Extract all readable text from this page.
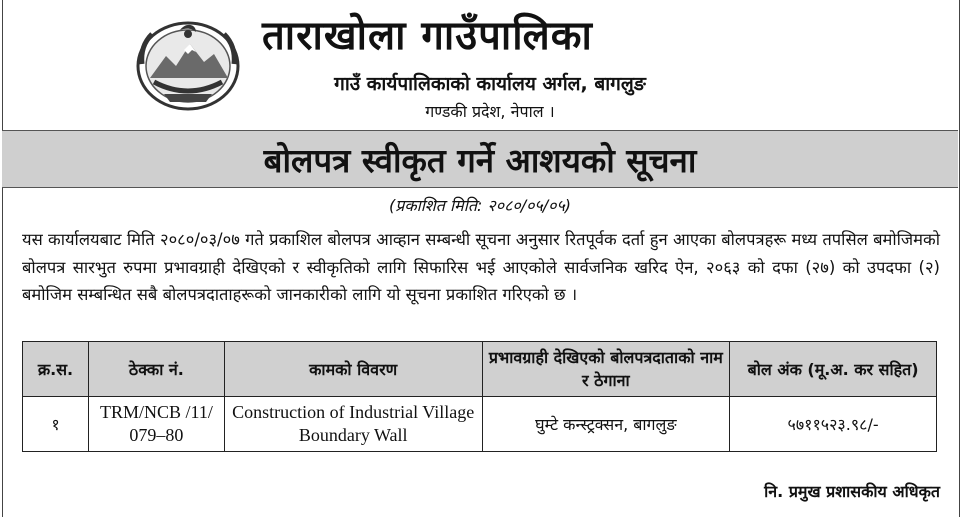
ताराखोला गाउँपालिका
गाउँ कार्यपालिकाको कार्यालय अर्गल, बागलुङ
गण्डकी प्रदेश, नेपाल ।
बोलपत्र स्वीकृत गर्ने आशयको सूचना
(प्रकाशित मिति: २०८०/०५/०५)
यस कार्यालयबाट मिति २०८०/०३/०७ गते प्रकाशिल बोलपत्र आव्हान सम्बन्धी सूचना अनुसार रितपूर्वक दर्ता हुन आएका बोलपत्रहरू मध्य तपसिल बमोजिमको बोलपत्र सारभुत रुपमा प्रभावग्राही देखिएको र स्वीकृतिको लागि सिफारिस भई आएकोले सार्वजनिक खरिद ऐन, २०६३ को दफा (२७) को उपदफा (२) बमोजिम सम्बन्धित सबै बोलपत्रदाताहरूको जानकारीको लागि यो सूचना प्रकाशित गरिएको छ ।
क्र.स.	ठेक्का नं.	कामको विवरण	प्रभावग्राही देखिएको बोलपत्रदाताको नाम र ठेगाना	बोल अंक (मू.अ. कर सहित)
१	TRM/NCB /11/ 079–80	Construction of Industrial Village Boundary Wall	घुम्टे कन्स्ट्रक्सन, बागलुङ	५७११५२३.९८/-
नि. प्रमुख प्रशासकीय अधिकृत
